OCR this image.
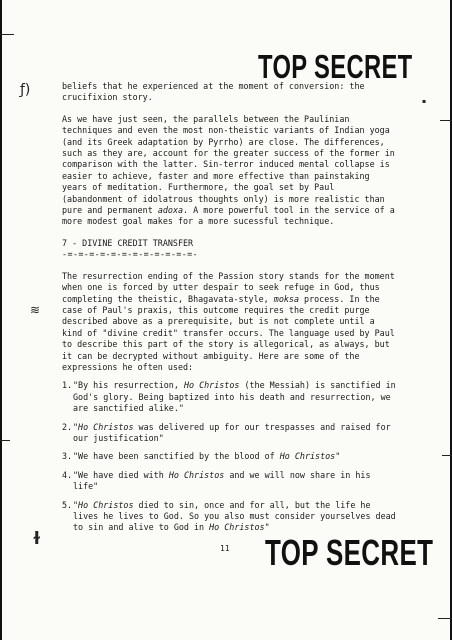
ƒ)
≋
ɫ
▪
TOP SECRET
TOP SECRET

beliefs that he experienced at the moment of conversion: the crucifixion story.

As we have just seen, the parallels between the Paulinian techniques and even the most non-theistic variants of Indian yoga (and its Greek adaptation by Pyrrho) are close. The differences, such as they are, account for the greater success of the former in comparison with the latter. Sin-terror induced mental collapse is easier to achieve, faster and more effective than painstaking years of meditation. Furthermore, the goal set by Paul (abandonment of idolatrous thoughts only) is more realistic than pure and permanent adoxa. A more powerful tool in the service of a more modest goal makes for a more sucessful technique.

7 - DIVINE CREDIT TRANSFER

-=-=-=-=-=-=-=-=-=-=-=-=-

The resurrection ending of the Passion story stands for the moment when one is forced by utter despair to seek refuge in God, thus completing the theistic, Bhagavata-style, moksa process. In the case of Paul's praxis, this outcome requires the credit purge described above as a prerequisite, but is not complete until a kind of "divine credit" transfer occurs. The language used by Paul to describe this part of the story is allegorical, as always, but it can be decrypted without ambiguity. Here are some of the expressions he often used:

1. "By his resurrection, Ho Christos (the Messiah) is sanctified in God's glory. Being baptized into his death and resurrection, we are sanctified alike."
2. "Ho Christos was delivered up for our trespasses and raised for our justification"
3. "We have been sanctified by the blood of Ho Christos"
4. "We have died with Ho Christos and we will now share in his life"
5. "Ho Christos died to sin, once and for all, but the life he lives he lives to God. So you also must consider yourselves dead to sin and alive to God in Ho Christos"
11
